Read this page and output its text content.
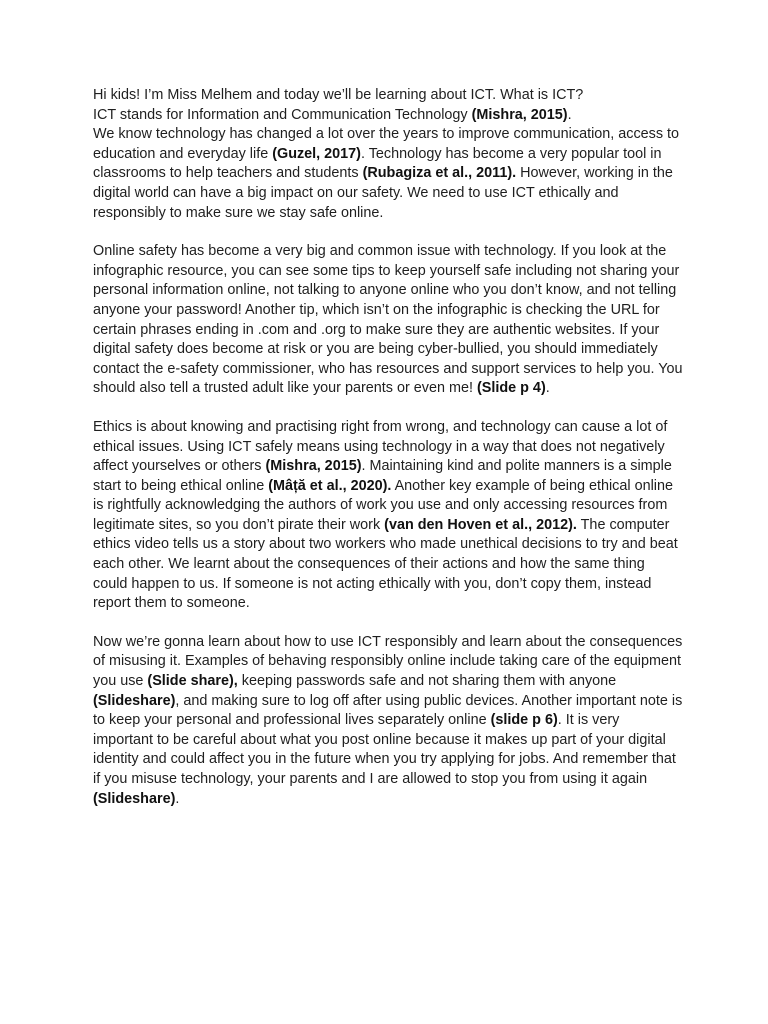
Hi kids! I’m Miss Melhem and today we’ll be learning about ICT. What is ICT?
ICT stands for Information and Communication Technology (Mishra, 2015).
We know technology has changed a lot over the years to improve communication, access to education and everyday life (Guzel, 2017). Technology has become a very popular tool in classrooms to help teachers and students (Rubagiza et al., 2011). However, working in the digital world can have a big impact on our safety. We need to use ICT ethically and responsibly to make sure we stay safe online.

Online safety has become a very big and common issue with technology. If you look at the infographic resource, you can see some tips to keep yourself safe including not sharing your personal information online, not talking to anyone online who you don’t know, and not telling anyone your password! Another tip, which isn’t on the infographic is checking the URL for certain phrases ending in .com and .org to make sure they are authentic websites. If your digital safety does become at risk or you are being cyber-bullied, you should immediately contact the e-safety commissioner, who has resources and support services to help you. You should also tell a trusted adult like your parents or even me! (Slide p 4).

Ethics is about knowing and practising right from wrong, and technology can cause a lot of ethical issues. Using ICT safely means using technology in a way that does not negatively affect yourselves or others (Mishra, 2015). Maintaining kind and polite manners is a simple start to being ethical online (Mâță et al., 2020). Another key example of being ethical online is rightfully acknowledging the authors of work you use and only accessing resources from legitimate sites, so you don’t pirate their work (van den Hoven et al., 2012). The computer ethics video tells us a story about two workers who made unethical decisions to try and beat each other. We learnt about the consequences of their actions and how the same thing could happen to us. If someone is not acting ethically with you, don’t copy them, instead report them to someone.

Now we’re gonna learn about how to use ICT responsibly and learn about the consequences of misusing it. Examples of behaving responsibly online include taking care of the equipment you use (Slide share), keeping passwords safe and not sharing them with anyone (Slideshare), and making sure to log off after using public devices. Another important note is to keep your personal and professional lives separately online (slide p 6). It is very important to be careful about what you post online because it makes up part of your digital identity and could affect you in the future when you try applying for jobs. And remember that if you misuse technology, your parents and I are allowed to stop you from using it again (Slideshare).
